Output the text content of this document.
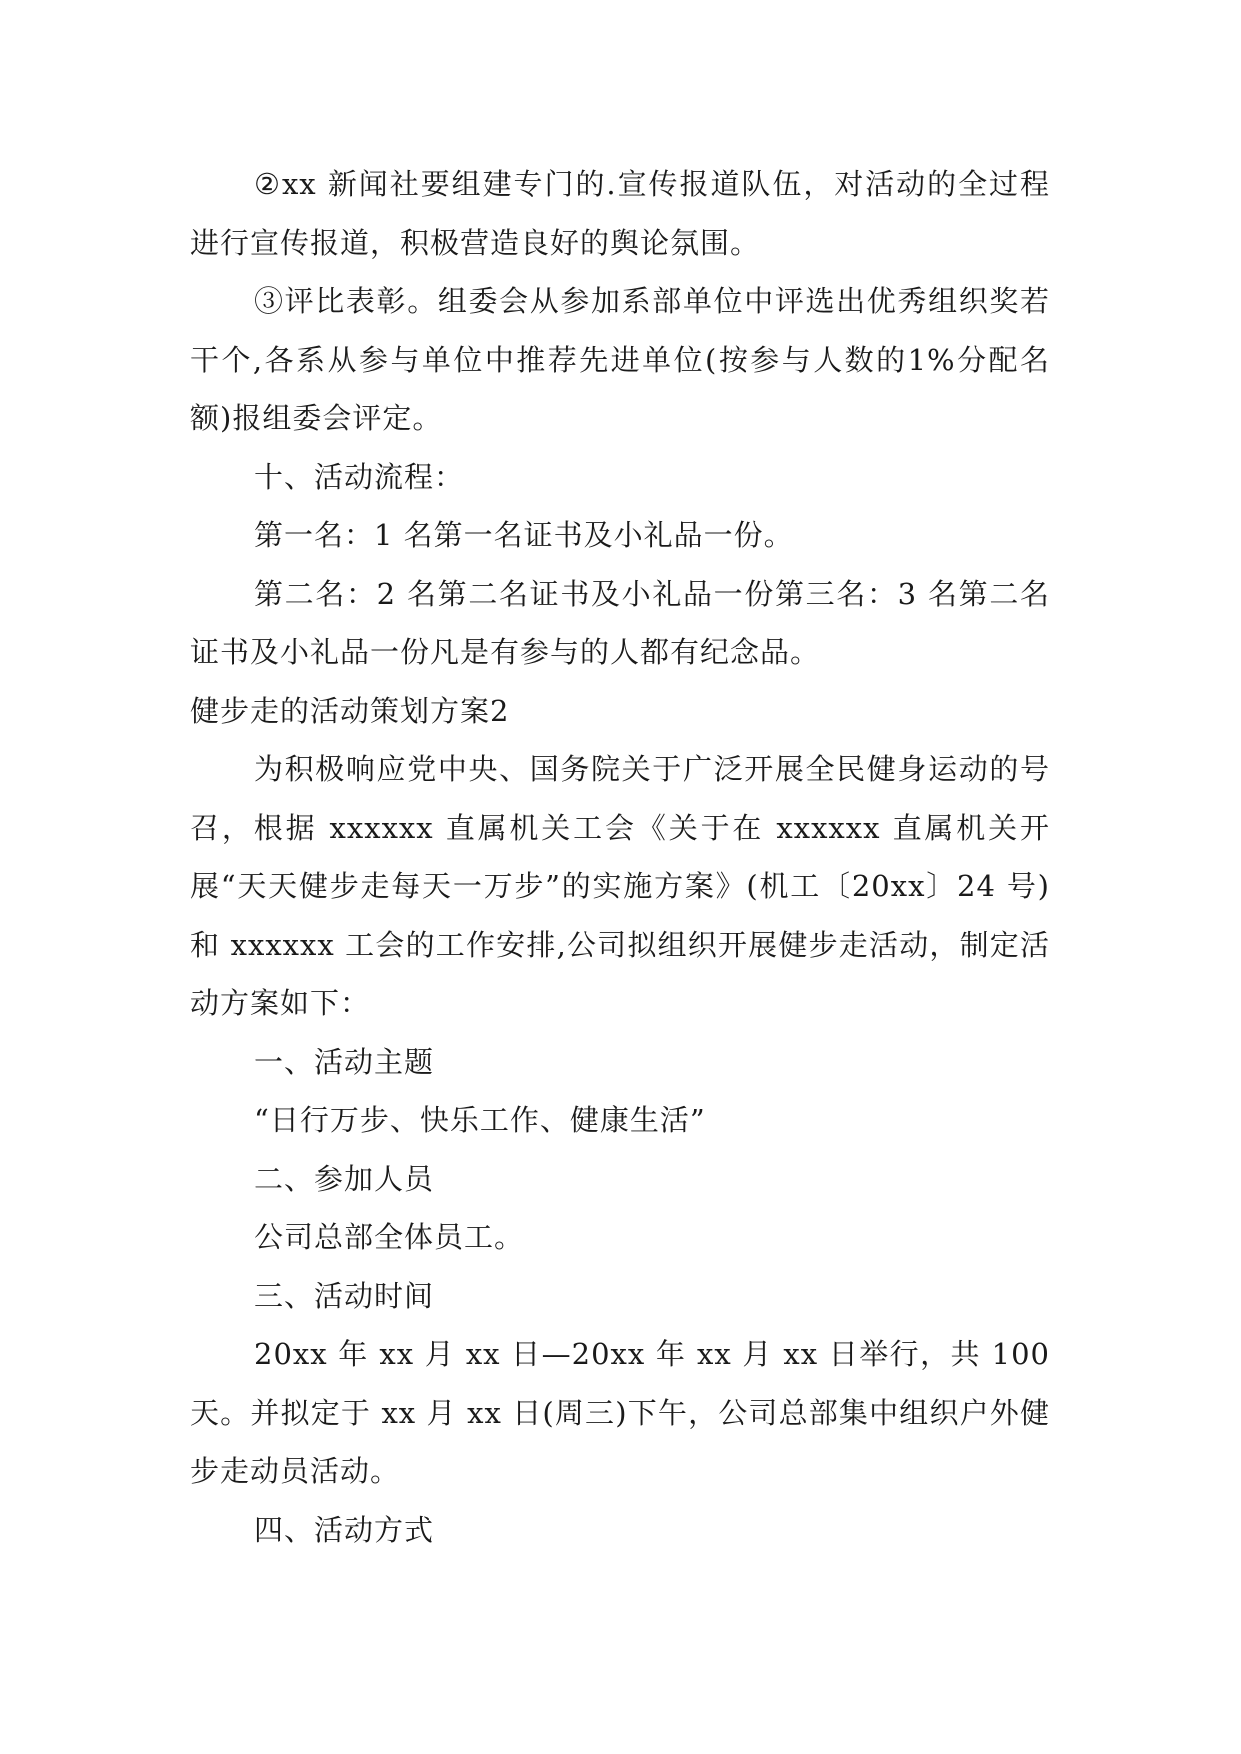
②xx 新闻社要组建专门的.宣传报道队伍，对活动的全过程进行宣传报道，积极营造良好的舆论氛围。

③评比表彰。组委会从参加系部单位中评选出优秀组织奖若干个,各系从参与单位中推荐先进单位(按参与人数的1%分配名额)报组委会评定。

十、活动流程：

第一名：1 名第一名证书及小礼品一份。

第二名：2 名第二名证书及小礼品一份第三名：3 名第二名证书及小礼品一份凡是有参与的人都有纪念品。

健步走的活动策划方案2

为积极响应党中央、国务院关于广泛开展全民健身运动的号召，根据 xxxxxx 直属机关工会《关于在 xxxxxx 直属机关开展“天天健步走每天一万步”的实施方案》(机工〔20xx〕24 号)和 xxxxxx 工会的工作安排,公司拟组织开展健步走活动，制定活动方案如下：

一、活动主题

“日行万步、快乐工作、健康生活”

二、参加人员

公司总部全体员工。

三、活动时间

20xx 年 xx 月 xx 日—20xx 年 xx 月 xx 日举行，共 100 天。并拟定于 xx 月 xx 日(周三)下午，公司总部集中组织户外健步走动员活动。

四、活动方式
